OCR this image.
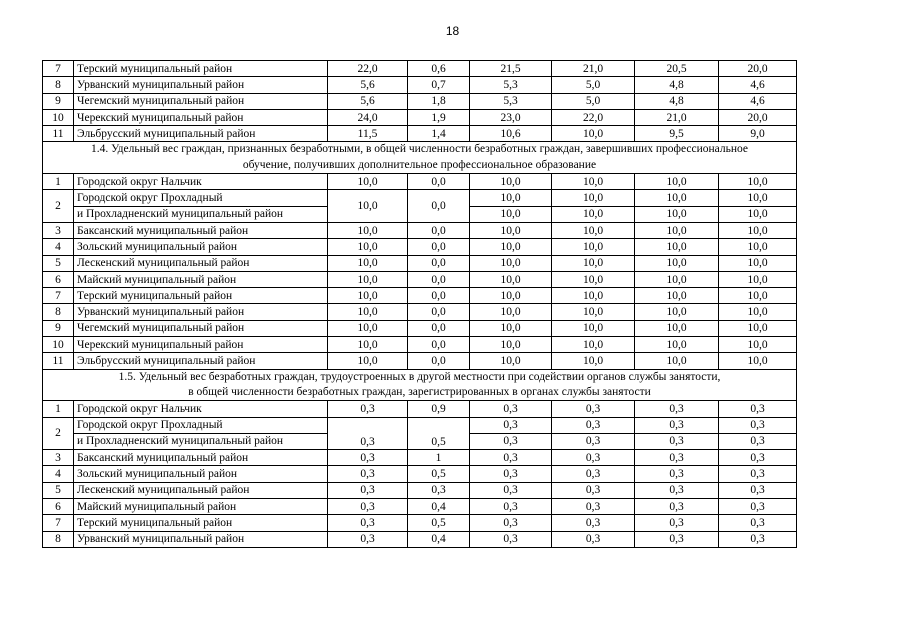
18
7	Терский муниципальный район	22,0	0,6	21,5	21,0	20,5	20,0
8	Урванский муниципальный район	5,6	0,7	5,3	5,0	4,8	4,6
9	Чегемский муниципальный район	5,6	1,8	5,3	5,0	4,8	4,6
10	Черекский муниципальный район	24,0	1,9	23,0	22,0	21,0	20,0
11	Эльбрусский муниципальный район	11,5	1,4	10,6	10,0	9,5	9,0

1.4. Удельный вес граждан, признанных безработными, в общей численности безработных граждан, завершивших профессиональное
обучение, получивших дополнительное профессиональное образование							

1	Городской округ Нальчик	10,0	0,0	10,0	10,0	10,0	10,0
2	Городской округ Прохладный	10,0	0,0	10,0	10,0	10,0	10,0
	и Прохладненский муниципальный район			10,0	10,0	10,0	10,0
3	Баксанский муниципальный район	10,0	0,0	10,0	10,0	10,0	10,0
4	Зольский муниципальный район	10,0	0,0	10,0	10,0	10,0	10,0
5	Лескенский муниципальный район	10,0	0,0	10,0	10,0	10,0	10,0
6	Майский муниципальный район	10,0	0,0	10,0	10,0	10,0	10,0
7	Терский муниципальный район	10,0	0,0	10,0	10,0	10,0	10,0
8	Урванский муниципальный район	10,0	0,0	10,0	10,0	10,0	10,0
9	Чегемский муниципальный район	10,0	0,0	10,0	10,0	10,0	10,0
10	Черекский муниципальный район	10,0	0,0	10,0	10,0	10,0	10,0
11	Эльбрусский муниципальный район	10,0	0,0	10,0	10,0	10,0	10,0

1.5. Удельный вес безработных граждан, трудоустроенных в другой местности при содействии органов службы занятости,
в общей численности безработных граждан, зарегистрированных в органах службы занятости							

1	Городской округ Нальчик	0,3	0,9	0,3	0,3	0,3	0,3
2	Городской округ Прохладный	0,3	0,5	0,3	0,3	0,3	0,3
	и Прохладненский муниципальный район			0,3	0,3	0,3	0,3
3	Баксанский муниципальный район	0,3	1	0,3	0,3	0,3	0,3
4	Зольский муниципальный район	0,3	0,5	0,3	0,3	0,3	0,3
5	Лескенский муниципальный район	0,3	0,3	0,3	0,3	0,3	0,3
6	Майский муниципальный район	0,3	0,4	0,3	0,3	0,3	0,3
7	Терский муниципальный район	0,3	0,5	0,3	0,3	0,3	0,3
8	Урванский муниципальный район	0,3	0,4	0,3	0,3	0,3	0,3
